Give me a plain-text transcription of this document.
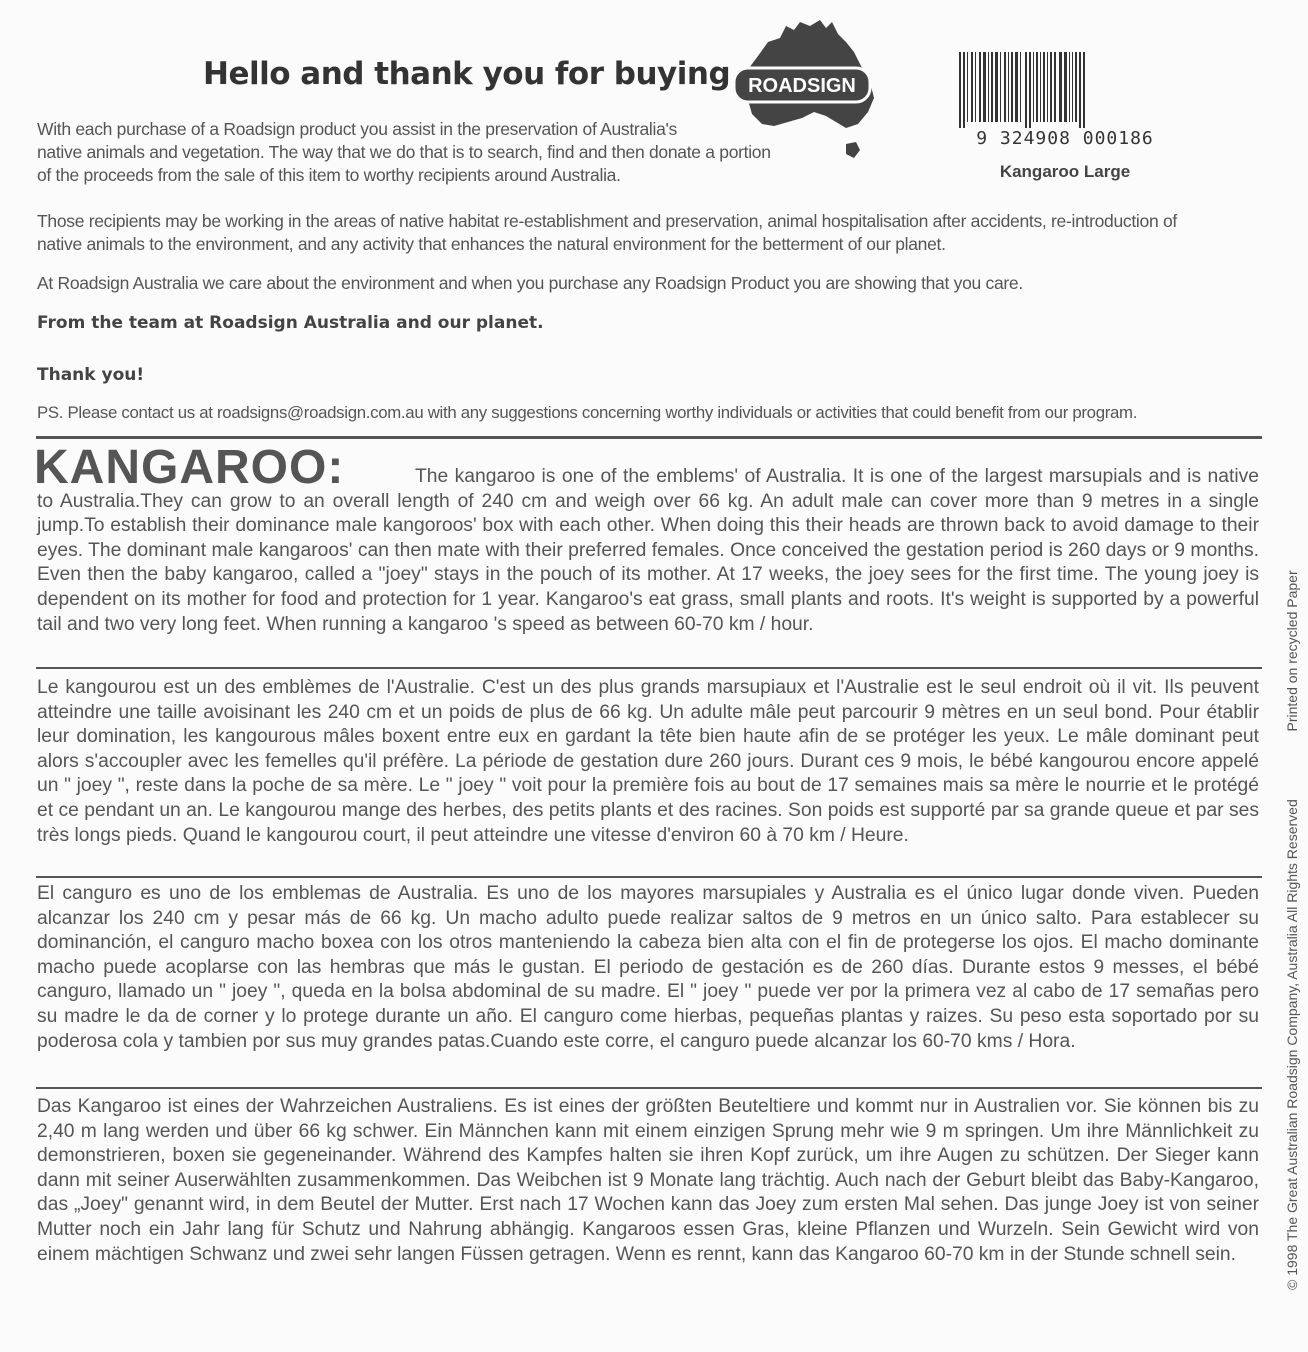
Hello and thank you for buying ROADSIGN
9 324908 000186
Kangaroo Large
With each purchase of a Roadsign product you assist in the preservation of Australia's
native animals and vegetation. The way that we do that is to search, find and then donate a portion
of the proceeds from the sale of this item to worthy recipients around Australia.
Those recipients may be working in the areas of native habitat re-establishment and preservation, animal hospitalisation after accidents, re-introduction of
native animals to the environment, and any activity that enhances the natural environment for the betterment of our planet.
At Roadsign Australia we care about the environment and when you purchase any Roadsign Product you are showing that you care.
From the team at Roadsign Australia and our planet.
Thank you!
PS. Please contact us at roadsigns@roadsign.com.au with any suggestions concerning worthy individuals or activities that could benefit from our program.
KANGAROO:	The kangaroo is one of the emblems' of Australia. It is one of the largest marsupials and is native to Australia.They can grow to an overall length of 240 cm and weigh over 66 kg. An adult male can cover more than 9 metres in a single jump.To establish their dominance male kangoroos' box with each other. When doing this their heads are thrown back to avoid damage to their eyes. The dominant male kangaroos' can then mate with their preferred females. Once conceived the gestation period is 260 days or 9 months. Even then the baby kangaroo, called a "joey" stays in the pouch of its mother. At 17 weeks, the joey sees for the first time. The young joey is dependent on its mother for food and protection for 1 year. Kangaroo's eat grass, small plants and roots. It's weight is supported by a powerful tail and two very long feet. When running a kangaroo 's speed as between 60-70 km / hour.

Le kangourou est un des emblèmes de l'Australie. C'est un des plus grands marsupiaux et l'Australie est le seul endroit où il vit. Ils peuvent atteindre une taille avoisinant les 240 cm et un poids de plus de 66 kg. Un adulte mâle peut parcourir 9 mètres en un seul bond. Pour établir leur domination, les kangourous mâles boxent entre eux en gardant la tête bien haute afin de se protéger les yeux. Le mâle dominant peut alors s'accoupler avec les femelles qu'il préfère. La période de gestation dure 260 jours. Durant ces 9 mois, le bébé kangourou encore appelé un " joey ", reste dans la poche de sa mère. Le " joey " voit pour la première fois au bout de 17 semaines mais sa mère le nourrie et le protégé et ce pendant un an. Le kangourou mange des herbes, des petits plants et des racines. Son poids est supporté par sa grande queue et par ses très longs pieds. Quand le kangourou court, il peut atteindre une vitesse d'environ 60 à 70 km / Heure.

El canguro es uno de los emblemas de Australia. Es uno de los mayores marsupiales y Australia es el único lugar donde viven. Pueden alcanzar los 240 cm y pesar más de 66 kg. Un macho adulto puede realizar saltos de 9 metros en un único salto. Para establecer su dominanción, el canguro macho boxea con los otros manteniendo la cabeza bien alta con el fin de protegerse los ojos. El macho dominante macho puede acoplarse con las hembras que más le gustan. El periodo de gestación es de 260 días. Durante estos 9 messes, el bébé canguro, llamado un " joey ", queda en la bolsa abdominal de su madre. El " joey " puede ver por la primera vez al cabo de 17 semañas pero su madre le da de corner y lo protege durante un año. El canguro come hierbas, pequeñas plantas y raizes. Su peso esta soportado por su poderosa cola y tambien por sus muy grandes patas.Cuando este corre, el canguro puede alcanzar los 60-70 kms / Hora.

Das Kangaroo ist eines der Wahrzeichen Australiens. Es ist eines der größten Beuteltiere und kommt nur in Australien vor. Sie können bis zu 2,40 m lang werden und über 66 kg schwer. Ein Männchen kann mit einem einzigen Sprung mehr wie 9 m springen. Um ihre Männlichkeit zu demonstrieren, boxen sie gegeneinander. Während des Kampfes halten sie ihren Kopf zurück, um ihre Augen zu schützen. Der Sieger kann dann mit seiner Auserwählten zusammenkommen. Das Weibchen ist 9 Monate lang trächtig. Auch nach der Geburt bleibt das Baby-Kangaroo, das „Joey" genannt wird, in dem Beutel der Mutter. Erst nach 17 Wochen kann das Joey zum ersten Mal sehen. Das junge Joey ist von seiner Mutter noch ein Jahr lang für Schutz und Nahrung abhängig. Kangaroos essen Gras, kleine Pflanzen und Wurzeln. Sein Gewicht wird von einem mächtigen Schwanz und zwei sehr langen Füssen getragen. Wenn es rennt, kann das Kangaroo 60-70 km in der Stunde schnell sein.	© 1998 The Great Australian Roadsign Company, Australia All Rights Reserved  Printed on recycled Paper
